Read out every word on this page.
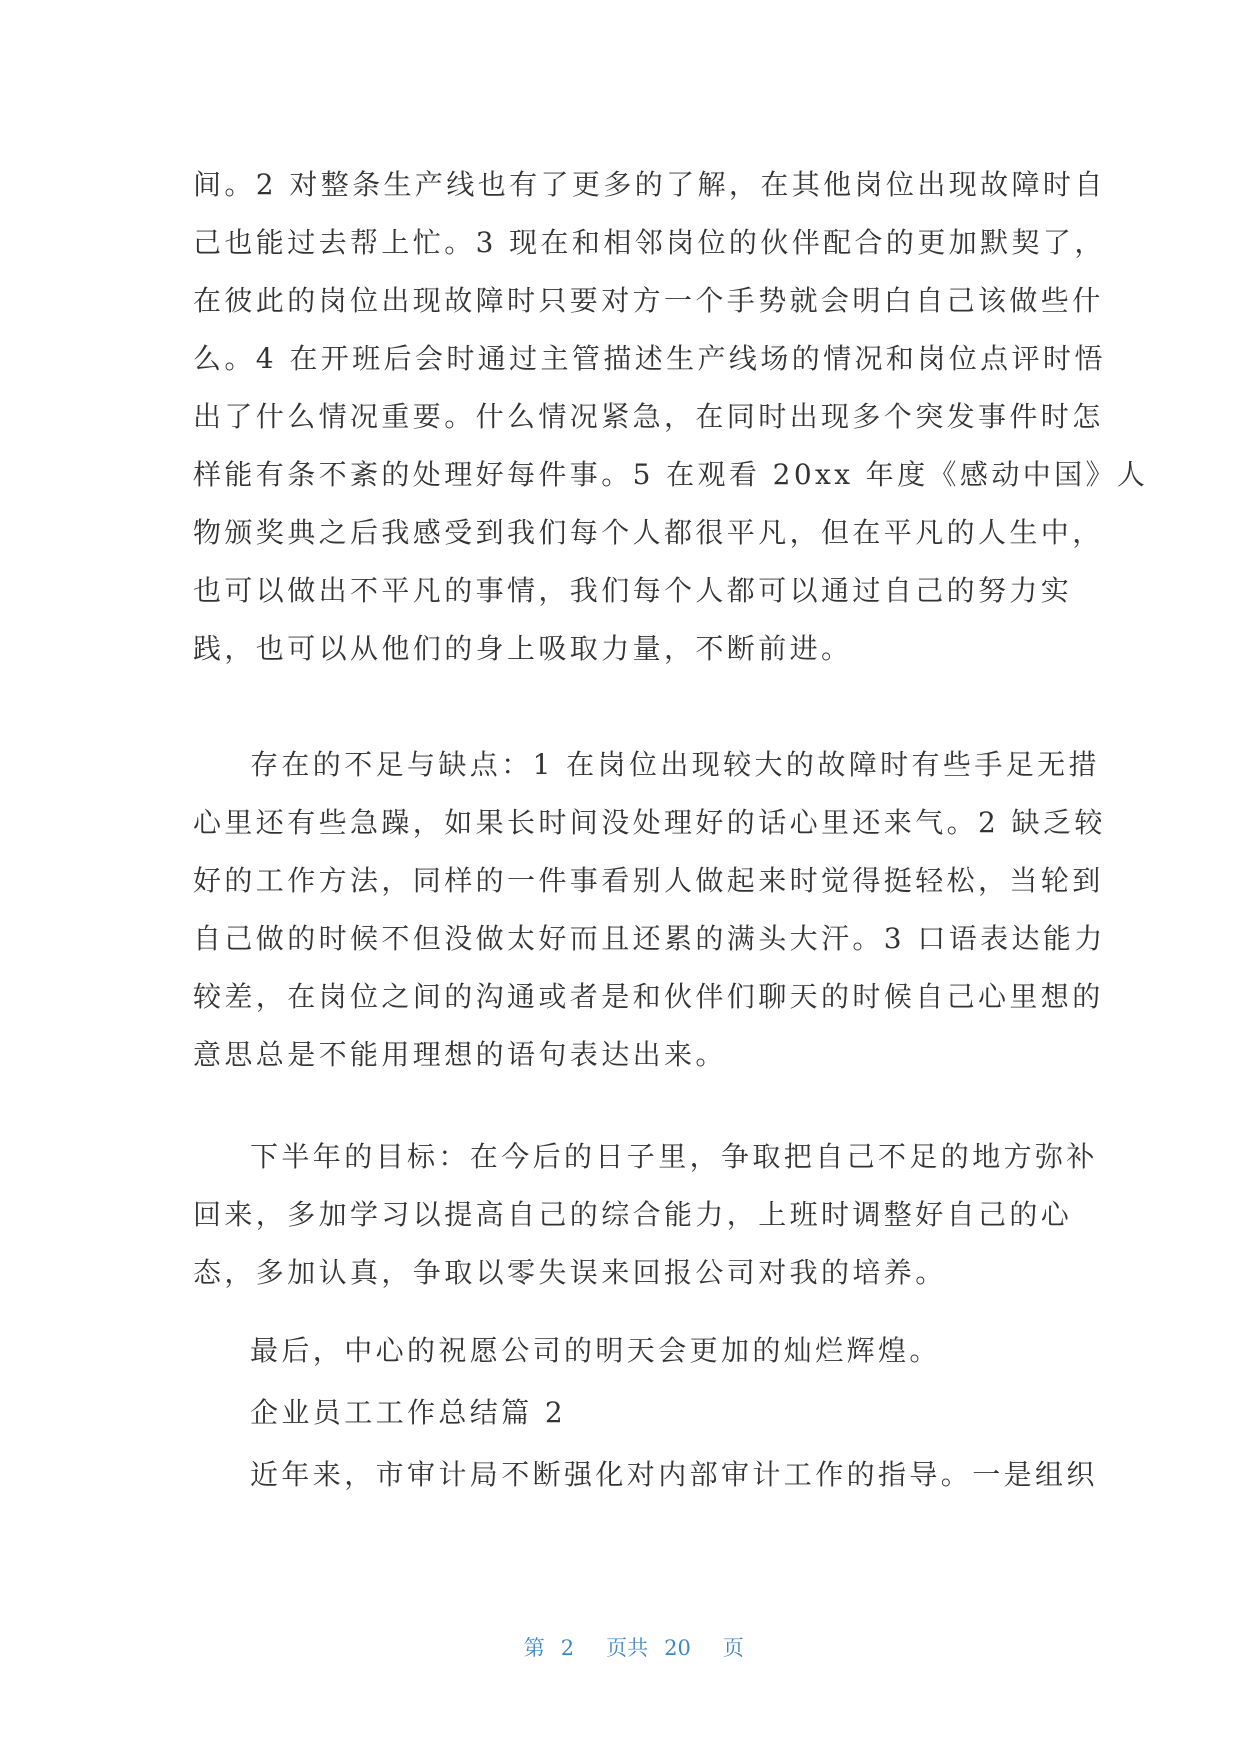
间。2 对整条生产线也有了更多的了解，在其他岗位出现故障时自
己也能过去帮上忙。3 现在和相邻岗位的伙伴配合的更加默契了，
在彼此的岗位出现故障时只要对方一个手势就会明白自己该做些什
么。4 在开班后会时通过主管描述生产线场的情况和岗位点评时悟
出了什么情况重要。什么情况紧急，在同时出现多个突发事件时怎
样能有条不紊的处理好每件事。5 在观看 20xx 年度《感动中国》人
物颁奖典之后我感受到我们每个人都很平凡，但在平凡的人生中，
也可以做出不平凡的事情，我们每个人都可以通过自己的努力实
践，也可以从他们的身上吸取力量，不断前进。
存在的不足与缺点：1 在岗位出现较大的故障时有些手足无措
心里还有些急躁，如果长时间没处理好的话心里还来气。2 缺乏较
好的工作方法，同样的一件事看别人做起来时觉得挺轻松，当轮到
自己做的时候不但没做太好而且还累的满头大汗。3 口语表达能力
较差，在岗位之间的沟通或者是和伙伴们聊天的时候自己心里想的
意思总是不能用理想的语句表达出来。
下半年的目标：在今后的日子里，争取把自己不足的地方弥补
回来，多加学习以提高自己的综合能力，上班时调整好自己的心
态，多加认真，争取以零失误来回报公司对我的培养。
最后，中心的祝愿公司的明天会更加的灿烂辉煌。
企业员工工作总结篇 2
近年来，市审计局不断强化对内部审计工作的指导。一是组织

第 2 页共 20 页
